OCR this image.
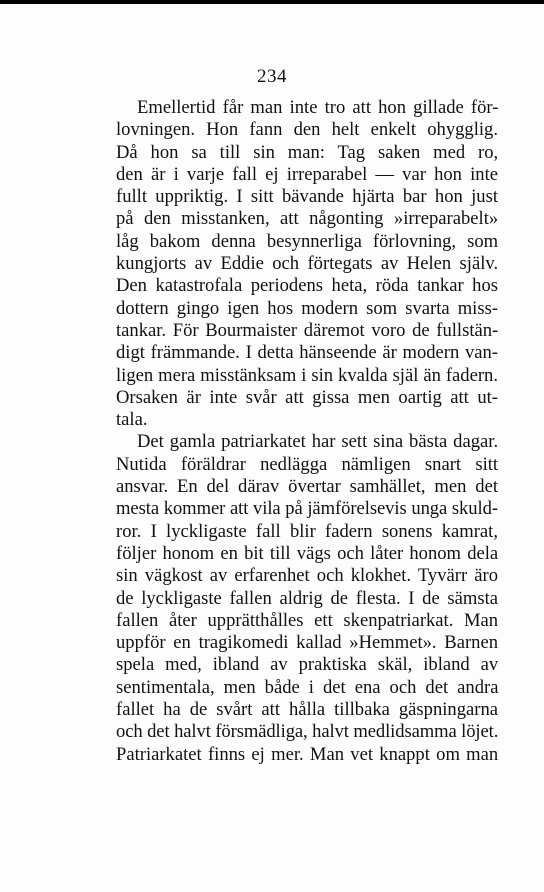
234
Emellertid får man inte tro att hon gillade för-
lovningen. Hon fann den helt enkelt ohygglig.
Då hon sa till sin man: Tag saken med ro,
den är i varje fall ej irreparabel — var hon inte
fullt uppriktig. I sitt bävande hjärta bar hon just
på den misstanken, att någonting »irreparabelt»
låg bakom denna besynnerliga förlovning, som
kungjorts av Eddie och förtegats av Helen själv.
Den katastrofala periodens heta, röda tankar hos
dottern gingo igen hos modern som svarta miss-
tankar. För Bourmaister däremot voro de fullstän-
digt främmande. I detta hänseende är modern van-
ligen mera misstänksam i sin kvalda själ än fadern.
Orsaken är inte svår att gissa men oartig att ut-
tala.
Det gamla patriarkatet har sett sina bästa dagar.
Nutida föräldrar nedlägga nämligen snart sitt
ansvar. En del därav övertar samhället, men det
mesta kommer att vila på jämförelsevis unga skuld-
ror. I lyckligaste fall blir fadern sonens kamrat,
följer honom en bit till vägs och låter honom dela
sin vägkost av erfarenhet och klokhet. Tyvärr äro
de lyckligaste fallen aldrig de flesta. I de sämsta
fallen åter upprätthålles ett skenpatriarkat. Man
uppför en tragikomedi kallad »Hemmet». Barnen
spela med, ibland av praktiska skäl, ibland av
sentimentala, men både i det ena och det andra
fallet ha de svårt att hålla tillbaka gäspningarna
och det halvt försmädliga, halvt medlidsamma löjet.
Patriarkatet finns ej mer. Man vet knappt om man
